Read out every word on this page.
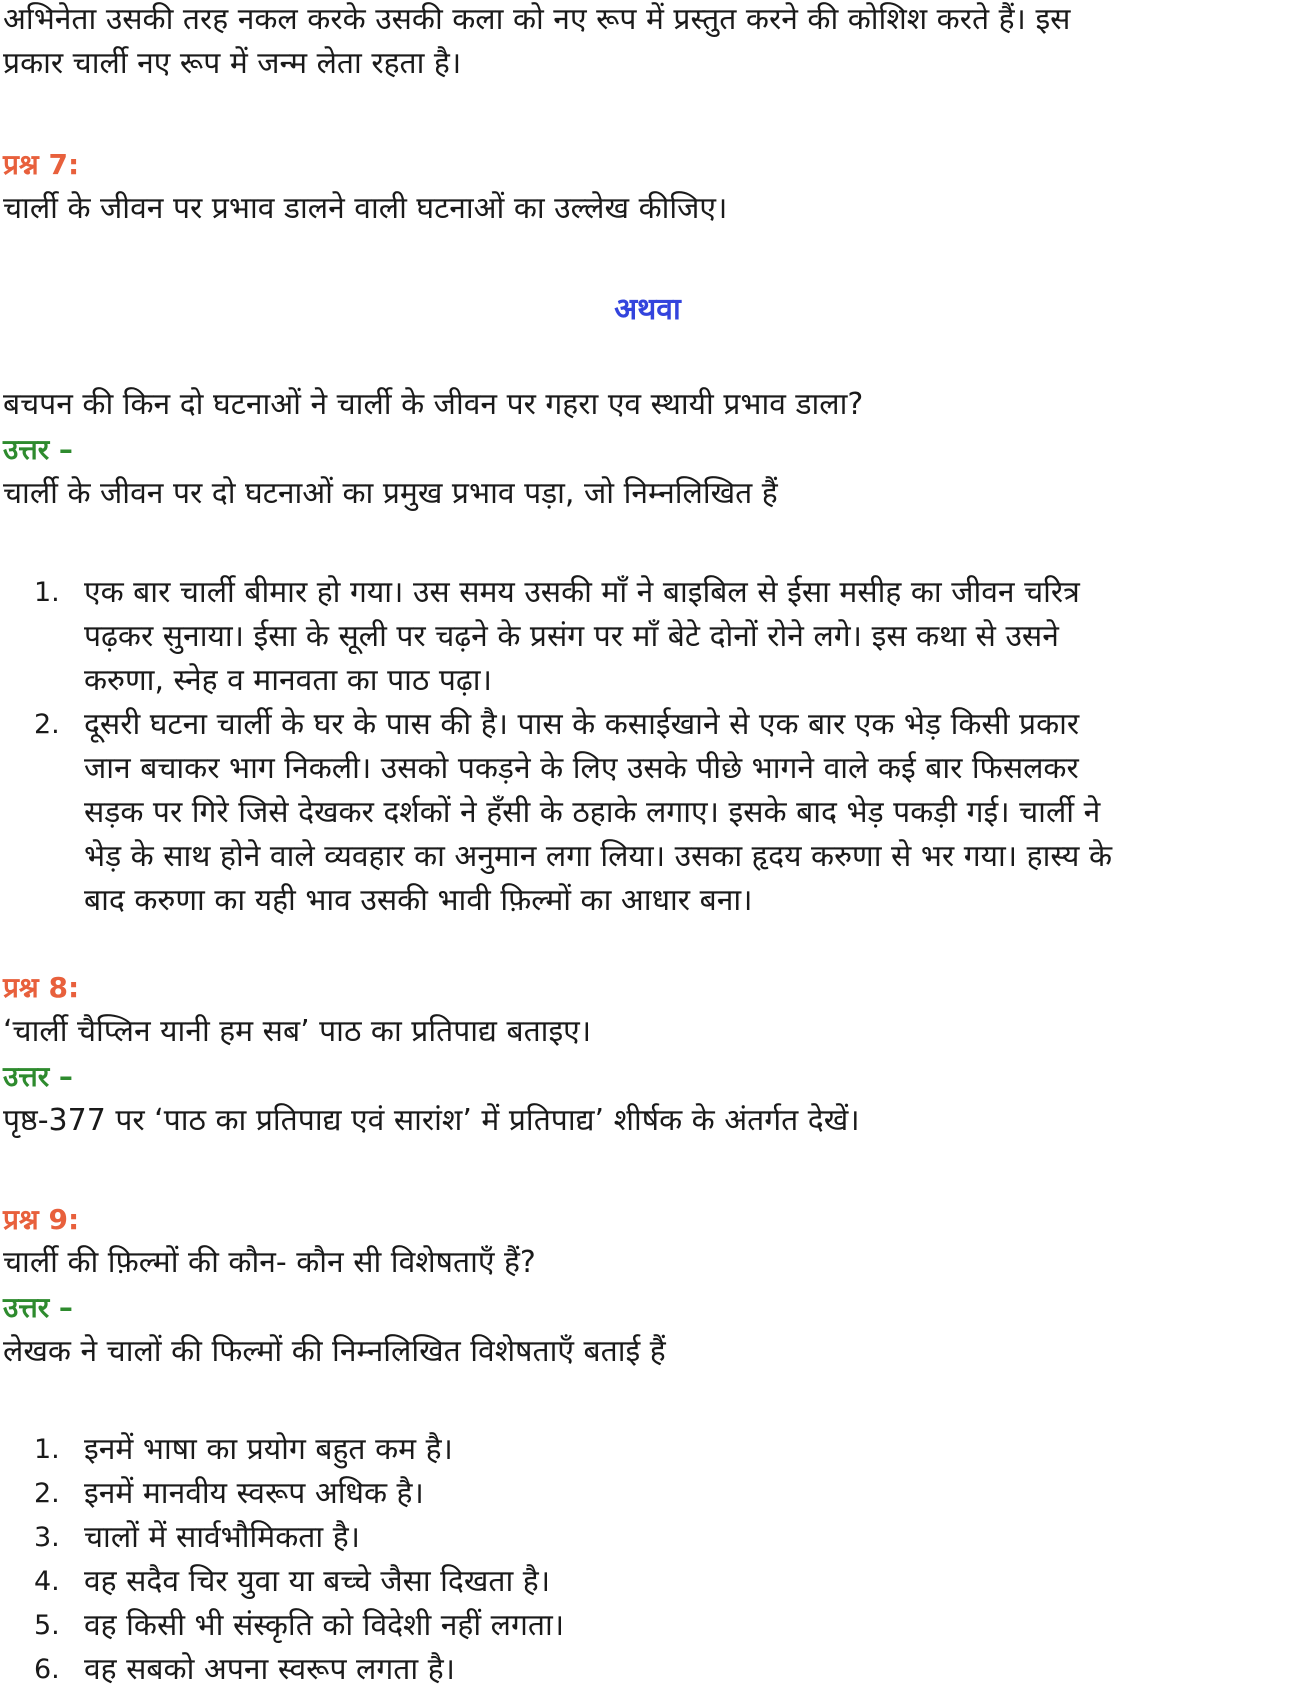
अभिनेता उसकी तरह नकल करके उसकी कला को नए रूप में प्रस्तुत करने की कोशिश करते हैं। इस

प्रकार चार्ली नए रूप में जन्म लेता रहता है।

प्रश्न 7:

चार्ली के जीवन पर प्रभाव डालने वाली घटनाओं का उल्लेख कीजिए।

अथवा

बचपन की किन दो घटनाओं ने चार्ली के जीवन पर गहरा एव स्थायी प्रभाव डाला?

उत्तर –

चार्ली के जीवन पर दो घटनाओं का प्रमुख प्रभाव पड़ा, जो निम्नलिखित हैं

1. एक बार चार्ली बीमार हो गया। उस समय उसकी माँ ने बाइबिल से ईसा मसीह का जीवन चरित्र
पढ़कर सुनाया। ईसा के सूली पर चढ़ने के प्रसंग पर माँ बेटे दोनों रोने लगे। इस कथा से उसने
करुणा, स्नेह व मानवता का पाठ पढ़ा।
2. दूसरी घटना चार्ली के घर के पास की है। पास के कसाईखाने से एक बार एक भेड़ किसी प्रकार
जान बचाकर भाग निकली। उसको पकड़ने के लिए उसके पीछे भागने वाले कई बार फिसलकर
सड़क पर गिरे जिसे देखकर दर्शकों ने हँसी के ठहाके लगाए। इसके बाद भेड़ पकड़ी गई। चार्ली ने
भेड़ के साथ होने वाले व्यवहार का अनुमान लगा लिया। उसका हृदय करुणा से भर गया। हास्य के
बाद करुणा का यही भाव उसकी भावी फ़िल्मों का आधार बना।
प्रश्न 8:

‘चार्ली चैप्लिन यानी हम सब’ पाठ का प्रतिपाद्य बताइए।

उत्तर –

पृष्ठ-377 पर ‘पाठ का प्रतिपाद्य एवं सारांश’ में प्रतिपाद्य’ शीर्षक के अंतर्गत देखें।

प्रश्न 9:

चार्ली की फ़िल्मों की कौन- कौन सी विशेषताएँ हैं?

उत्तर –

लेखक ने चालों की फिल्मों की निम्नलिखित विशेषताएँ बताई हैं

1. इनमें भाषा का प्रयोग बहुत कम है।
2. इनमें मानवीय स्वरूप अधिक है।
3. चालों में सार्वभौमिकता है।
4. वह सदैव चिर युवा या बच्चे जैसा दिखता है।
5. वह किसी भी संस्कृति को विदेशी नहीं लगता।
6. वह सबको अपना स्वरूप लगता है।
